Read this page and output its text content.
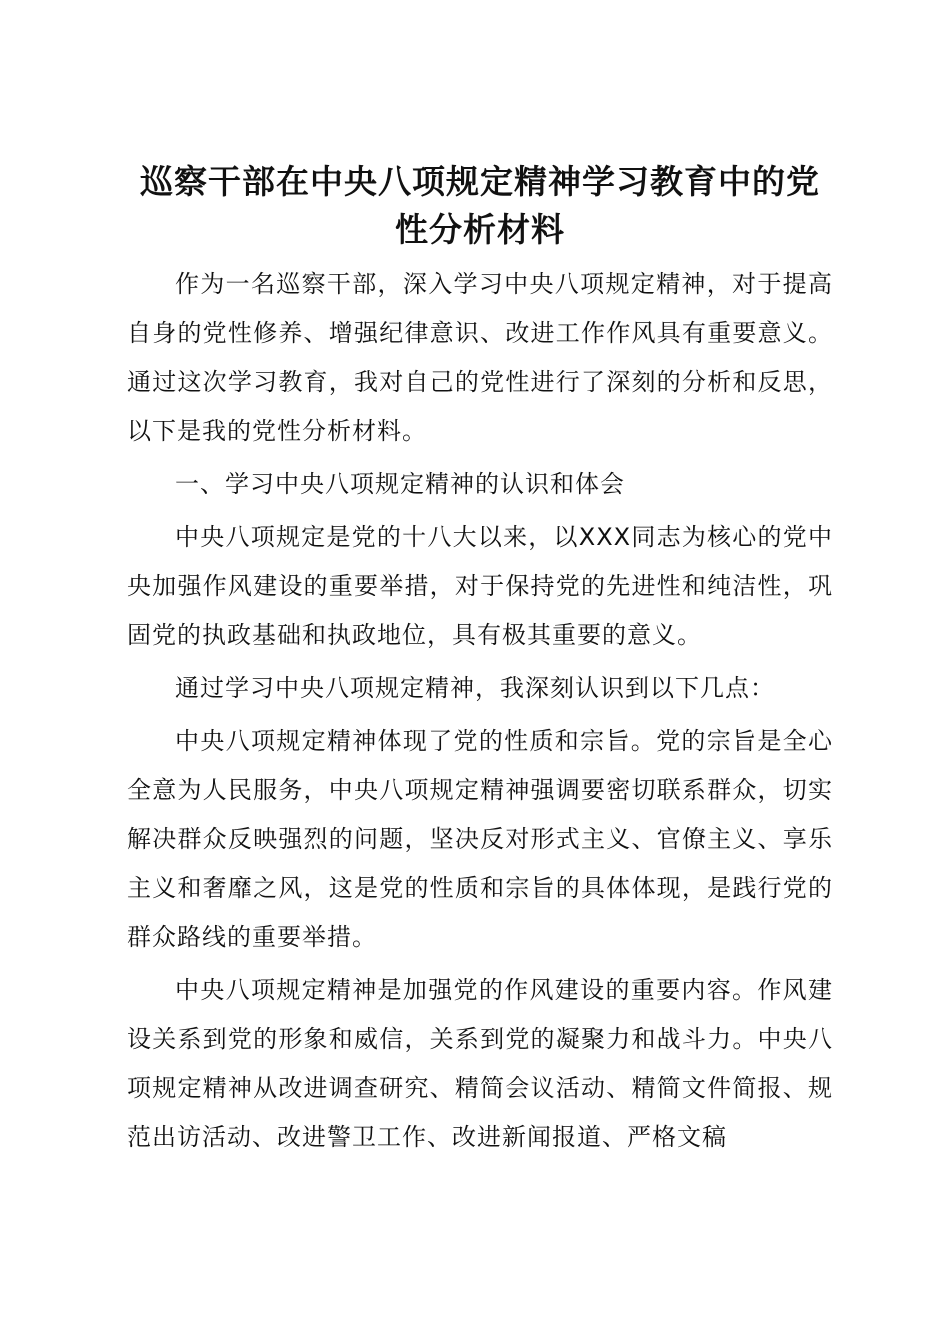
巡察干部在中央八项规定精神学习教育中的党
性分析材料

作为一名巡察干部，深入学习中央八项规定精神，对于提高自身的党性修养、增强纪律意识、改进工作作风具有重要意义。通过这次学习教育，我对自己的党性进行了深刻的分析和反思，以下是我的党性分析材料。

一、学习中央八项规定精神的认识和体会

中央八项规定是党的十八大以来，以XXX同志为核心的党中央加强作风建设的重要举措，对于保持党的先进性和纯洁性，巩固党的执政基础和执政地位，具有极其重要的意义。

通过学习中央八项规定精神，我深刻认识到以下几点：

中央八项规定精神体现了党的性质和宗旨。党的宗旨是全心全意为人民服务，中央八项规定精神强调要密切联系群众，切实解决群众反映强烈的问题，坚决反对形式主义、官僚主义、享乐主义和奢靡之风，这是党的性质和宗旨的具体体现，是践行党的群众路线的重要举措。

中央八项规定精神是加强党的作风建设的重要内容。作风建设关系到党的形象和威信，关系到党的凝聚力和战斗力。中央八项规定精神从改进调查研究、精简会议活动、精简文件简报、规范出访活动、改进警卫工作、改进新闻报道、严格文稿
